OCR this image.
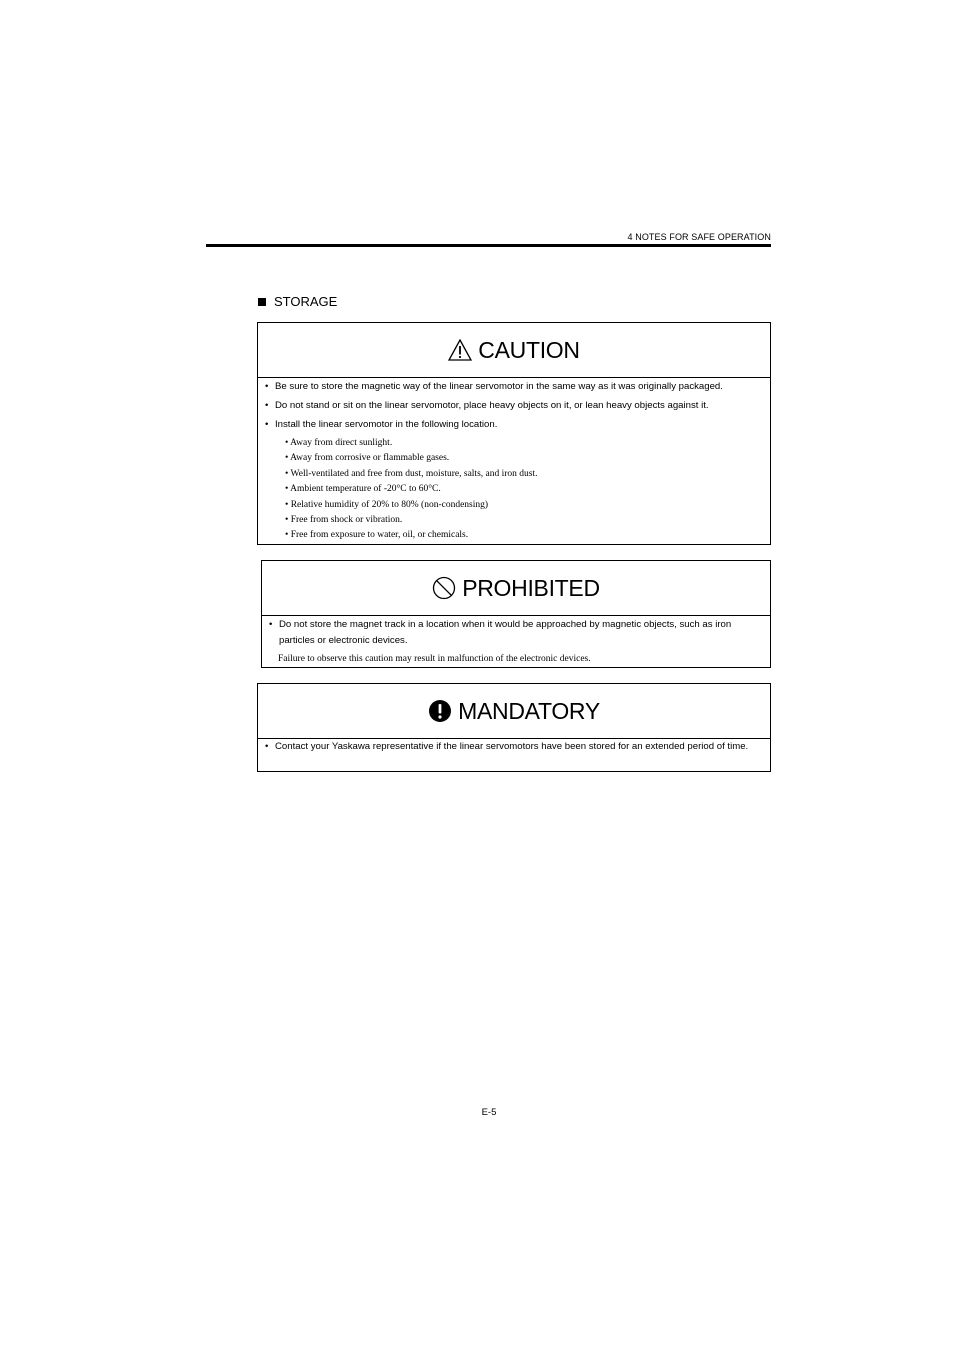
4 NOTES FOR SAFE OPERATION
STORAGE
CAUTION
• Be sure to store the magnetic way of the linear servomotor in the same way as it was originally packaged.
• Do not stand or sit on the linear servomotor, place heavy objects on it, or lean heavy objects against it.
• Install the linear servomotor in the following location.
• Away from direct sunlight.
• Away from corrosive or flammable gases.
• Well-ventilated and free from dust, moisture, salts, and iron dust.
• Ambient temperature of -20°C to 60°C.
• Relative humidity of 20% to 80% (non-condensing)
• Free from shock or vibration.
• Free from exposure to water, oil, or chemicals.
PROHIBITED
• Do not store the magnet track in a location when it would be approached by magnetic objects, such as iron particles or electronic devices.
Failure to observe this caution may result in malfunction of the electronic devices.
MANDATORY
• Contact your Yaskawa representative if the linear servomotors have been stored for an extended period of time.
E-5
